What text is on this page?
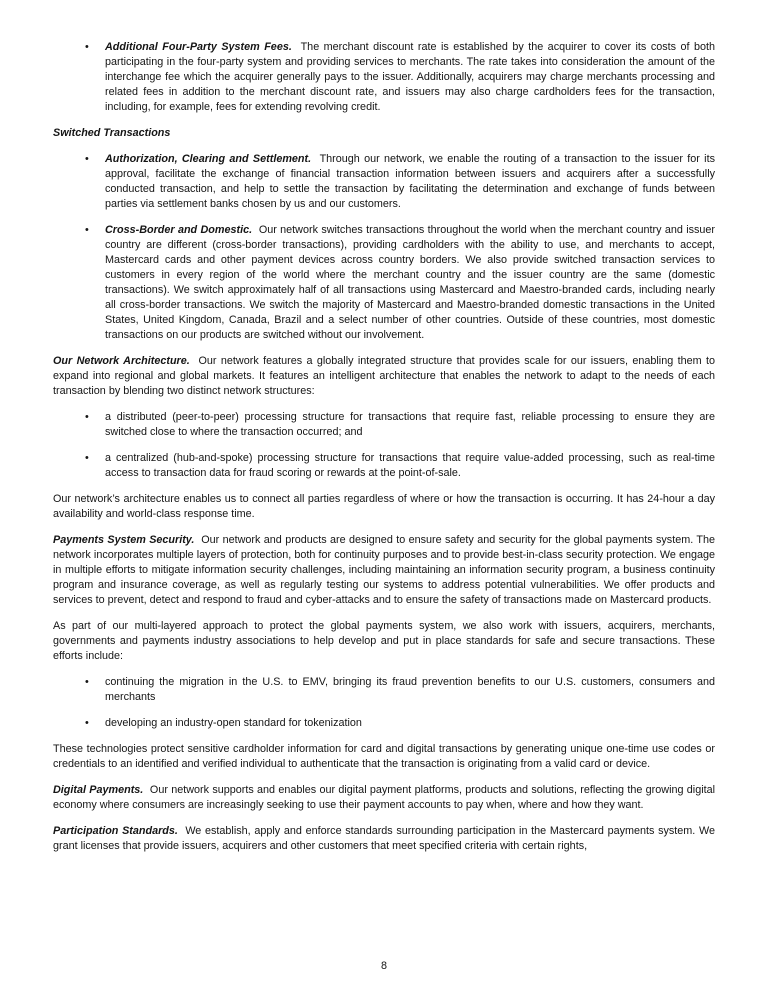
•	Additional Four-Party System Fees.  The merchant discount rate is established by the acquirer to cover its costs of both participating in the four-party system and providing services to merchants. The rate takes into consideration the amount of the interchange fee which the acquirer generally pays to the issuer. Additionally, acquirers may charge merchants processing and related fees in addition to the merchant discount rate, and issuers may also charge cardholders fees for the transaction, including, for example, fees for extending revolving credit.
Switched Transactions
•	Authorization, Clearing and Settlement.  Through our network, we enable the routing of a transaction to the issuer for its approval, facilitate the exchange of financial transaction information between issuers and acquirers after a successfully conducted transaction, and help to settle the transaction by facilitating the determination and exchange of funds between parties via settlement banks chosen by us and our customers.
•	Cross-Border and Domestic.  Our network switches transactions throughout the world when the merchant country and issuer country are different (cross-border transactions), providing cardholders with the ability to use, and merchants to accept, Mastercard cards and other payment devices across country borders. We also provide switched transaction services to customers in every region of the world where the merchant country and the issuer country are the same (domestic transactions). We switch approximately half of all transactions using Mastercard and Maestro-branded cards, including nearly all cross-border transactions. We switch the majority of Mastercard and Maestro-branded domestic transactions in the United States, United Kingdom, Canada, Brazil and a select number of other countries. Outside of these countries, most domestic transactions on our products are switched without our involvement.
Our Network Architecture.  Our network features a globally integrated structure that provides scale for our issuers, enabling them to expand into regional and global markets. It features an intelligent architecture that enables the network to adapt to the needs of each transaction by blending two distinct network structures:
•	a distributed (peer-to-peer) processing structure for transactions that require fast, reliable processing to ensure they are switched close to where the transaction occurred; and
•	a centralized (hub-and-spoke) processing structure for transactions that require value-added processing, such as real-time access to transaction data for fraud scoring or rewards at the point-of-sale.
Our network’s architecture enables us to connect all parties regardless of where or how the transaction is occurring. It has 24-hour a day availability and world-class response time.
Payments System Security.  Our network and products are designed to ensure safety and security for the global payments system. The network incorporates multiple layers of protection, both for continuity purposes and to provide best-in-class security protection. We engage in multiple efforts to mitigate information security challenges, including maintaining an information security program, a business continuity program and insurance coverage, as well as regularly testing our systems to address potential vulnerabilities. We offer products and services to prevent, detect and respond to fraud and cyber-attacks and to ensure the safety of transactions made on Mastercard products.
As part of our multi-layered approach to protect the global payments system, we also work with issuers, acquirers, merchants, governments and payments industry associations to help develop and put in place standards for safe and secure transactions. These efforts include:
•	continuing the migration in the U.S. to EMV, bringing its fraud prevention benefits to our U.S. customers, consumers and merchants
•	developing an industry-open standard for tokenization
These technologies protect sensitive cardholder information for card and digital transactions by generating unique one-time use codes or credentials to an identified and verified individual to authenticate that the transaction is originating from a valid card or device.
Digital Payments.  Our network supports and enables our digital payment platforms, products and solutions, reflecting the growing digital economy where consumers are increasingly seeking to use their payment accounts to pay when, where and how they want.
Participation Standards.  We establish, apply and enforce standards surrounding participation in the Mastercard payments system. We grant licenses that provide issuers, acquirers and other customers that meet specified criteria with certain rights,
8
